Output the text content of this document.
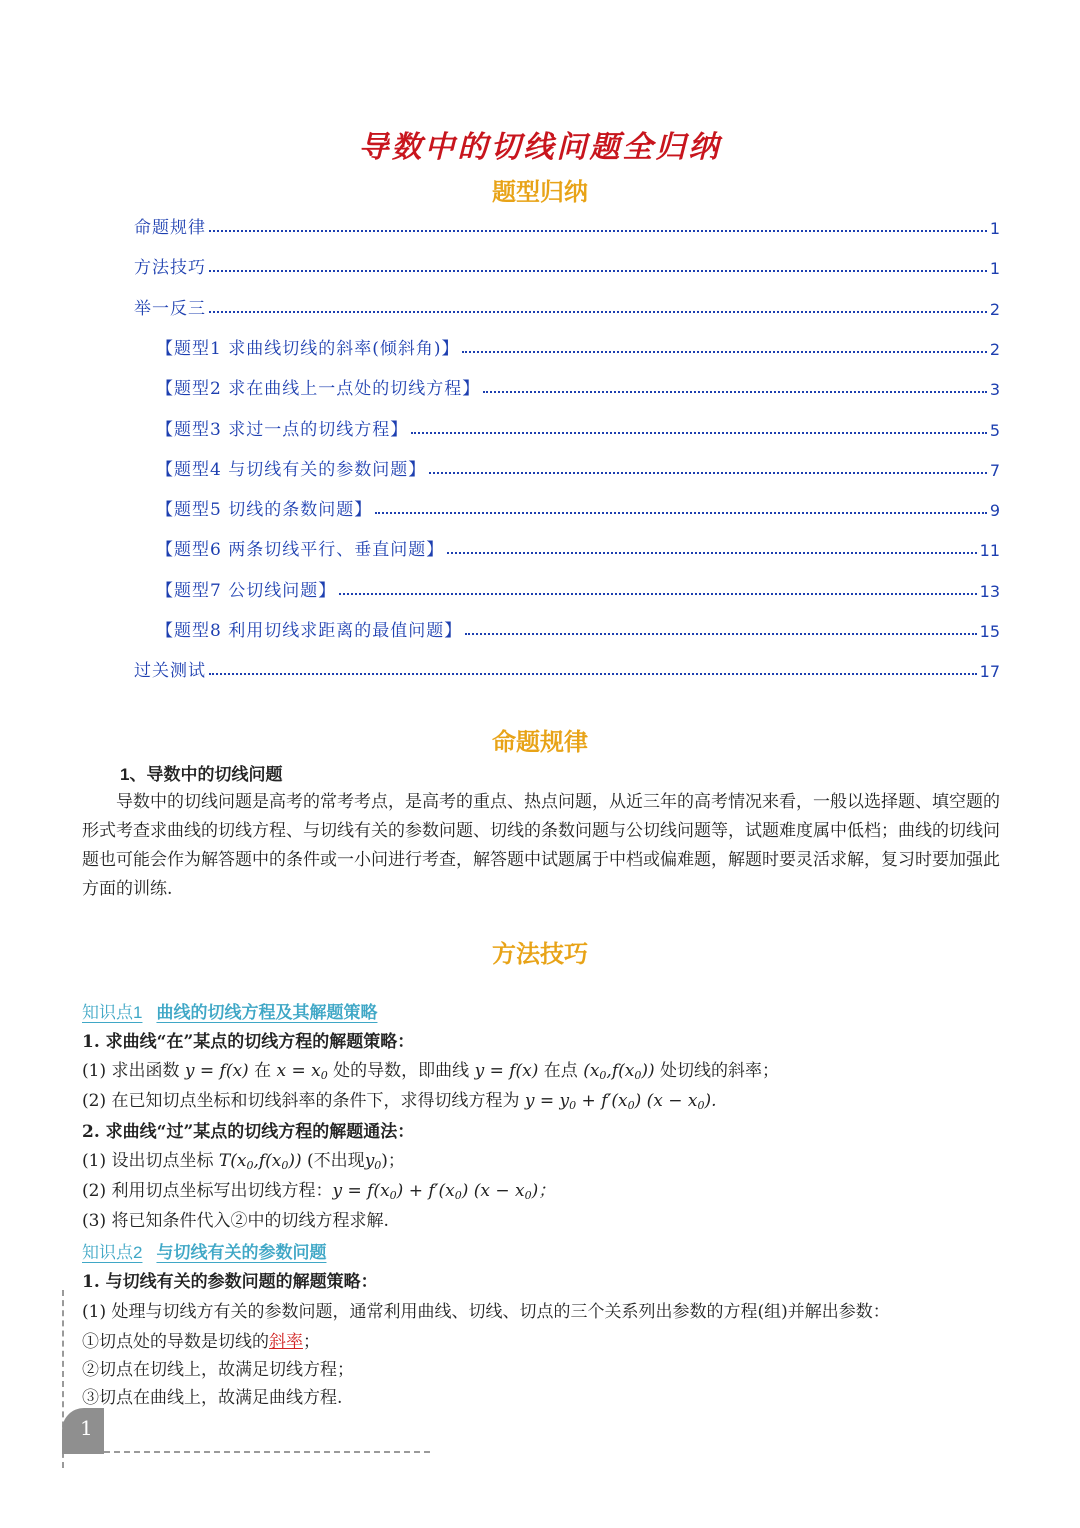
导数中的切线问题全归纳
题型归纳
命题规律	1
方法技巧	1
举一反三	2
【题型1 求曲线切线的斜率(倾斜角)】	2
【题型2 求在曲线上一点处的切线方程】	3
【题型3 求过一点的切线方程】	5
【题型4 与切线有关的参数问题】	7
【题型5 切线的条数问题】	9
【题型6 两条切线平行、垂直问题】	11
【题型7 公切线问题】	13
【题型8 利用切线求距离的最值问题】	15
过关测试	17
命题规律
1、导数中的切线问题
导数中的切线问题是高考的常考考点，是高考的重点、热点问题，从近三年的高考情况来看，一般以选择题、填空题的形式考查求曲线的切线方程、与切线有关的参数问题、切线的条数问题与公切线问题等，试题难度属中低档；曲线的切线问题也可能会作为解答题中的条件或一小问进行考查，解答题中试题属于中档或偏难题，解题时要灵活求解，复习时要加强此方面的训练.
方法技巧
知识点1 曲线的切线方程及其解题策略
1. 求曲线“在”某点的切线方程的解题策略：
(1) 求出函数 y = f(x) 在 $x = x_0$ 处的导数，即曲线 y = f(x) 在点 $(x_0,f(x_0))$ 处切线的斜率；
(2) 在已知切点坐标和切线斜率的条件下，求得切线方程为 $y = y_0 + f'(x_0) (x - x_0)$.
2. 求曲线“过”某点的切线方程的解题通法：
(1) 设出切点坐标 $T(x_0,f(x_0))$ (不出现$y_0$)；
(2) 利用切点坐标写出切线方程：$y = f(x_0) + f'(x_0) (x - x_0)$；
(3) 将已知条件代入②中的切线方程求解.
知识点2 与切线有关的参数问题
1. 与切线有关的参数问题的解题策略：
(1) 处理与切线方有关的参数问题，通常利用曲线、切线、切点的三个关系列出参数的方程(组)并解出参数：
①切点处的导数是切线的斜率；
②切点在切线上，故满足切线方程；
③切点在曲线上，故满足曲线方程.
1
